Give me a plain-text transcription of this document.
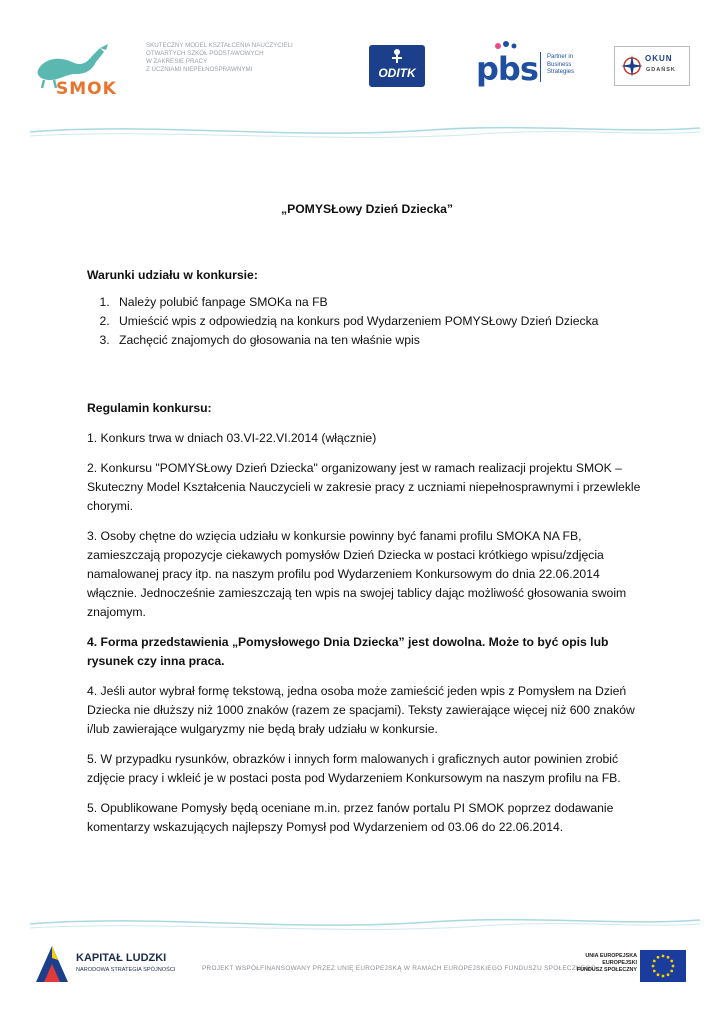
SMOK
SKUTECZNY MODEL KSZTAŁCENIA NAUCZYCIELI
OTWARTYCH SZKÓŁ PODSTAWOWYCH
W ZAKRESIE PRACY
Z UCZNIAMI NIEPEŁNOSPRAWNYMI	ODITK pbs Partner in
Business
Strategies
OKUN
GDAŃSK
„POMYSŁowy Dzień Dziecka”
Warunki udziału w konkursie:
1. Należy polubić fanpage SMOKa na FB
2. Umieścić wpis z odpowiedzią na konkurs pod Wydarzeniem POMYSŁowy Dzień Dziecka
3. Zachęcić znajomych do głosowania na ten właśnie wpis
Regulamin konkursu:

1. Konkurs trwa w dniach 03.VI-22.VI.2014 (włącznie)

2. Konkursu "POMYSŁowy Dzień Dziecka" organizowany jest w ramach realizacji projektu SMOK – Skuteczny Model Kształcenia Nauczycieli w zakresie pracy z uczniami niepełnosprawnymi i przewlekle chorymi.

3. Osoby chętne do wzięcia udziału w konkursie powinny być fanami profilu SMOKA NA FB, zamieszczają propozycje ciekawych pomysłów Dzień Dziecka w postaci krótkiego wpisu/zdjęcia namalowanej pracy itp. na naszym profilu pod Wydarzeniem Konkursowym do dnia 22.06.2014 włącznie. Jednocześnie zamieszczają ten wpis na swojej tablicy dając możliwość głosowania swoim znajomym.

4. Forma przedstawienia „Pomysłowego Dnia Dziecka” jest dowolna. Może to być opis lub rysunek czy inna praca.

4. Jeśli autor wybrał formę tekstową, jedna osoba może zamieścić jeden wpis z Pomysłem na Dzień Dziecka nie dłuższy niż 1000 znaków (razem ze spacjami). Teksty zawierające więcej niż 600 znaków i/lub zawierające wulgaryzmy nie będą brały udziału w konkursie.

5. W przypadku rysunków, obrazków i innych form malowanych i graficznych autor powinien zrobić zdjęcie pracy i wkleić je w postaci posta pod Wydarzeniem Konkursowym na naszym profilu na FB.

5. Opublikowane Pomysły będą oceniane m.in. przez fanów portalu PI SMOK poprzez dodawanie komentarzy wskazujących najlepszy Pomysł pod Wydarzeniem od 03.06 do 22.06.2014.

KAPITAŁ LUDZKI
NARODOWA STRATEGIA SPÓJNOŚCI	PROJEKT WSPÓŁFINANSOWANY PRZEZ UNIĘ EUROPEJSKĄ W RAMACH EUROPEJSKIEGO FUNDUSZU SPOŁECZNEGO
UNIA EUROPEJSKA
EUROPEJSKI
FUNDUSZ SPOŁECZNY
